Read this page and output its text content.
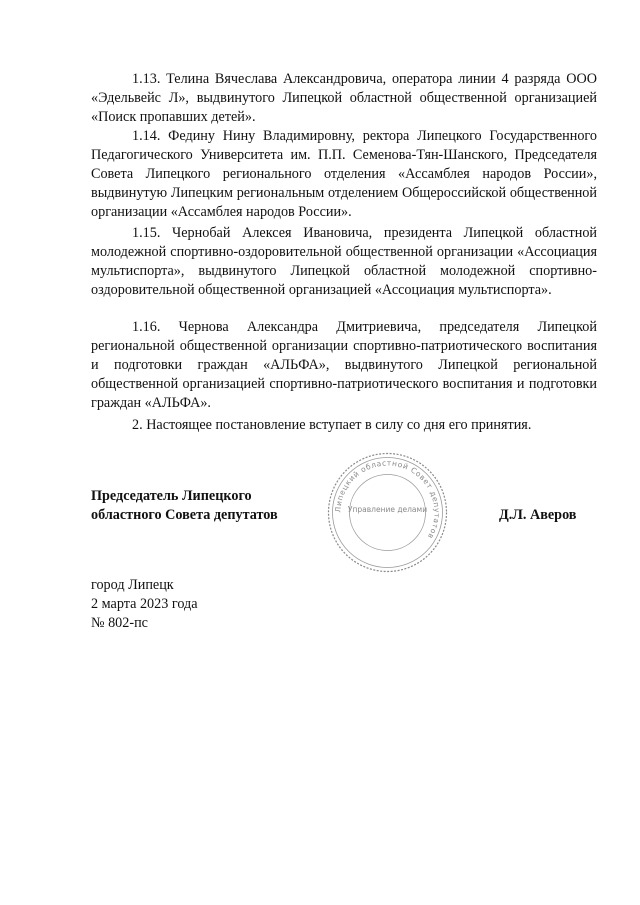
1.13. Телина Вячеслава Александровича, оператора линии 4 разряда ООО «Эдельвейс Л», выдвинутого Липецкой областной общественной организацией «Поиск пропавших детей».

1.14. Федину Нину Владимировну, ректора Липецкого Государственного Педагогического Университета им. П.П. Семенова-Тян-Шанского, Председателя Совета Липецкого регионального отделения «Ассамблея народов России», выдвинутую Липецким региональным отделением Общероссийской общественной организации «Ассамблея народов России».

1.15. Чернобай Алексея Ивановича, президента Липецкой областной молодежной спортивно-оздоровительной общественной организации «Ассоциация мультиспорта», выдвинутого Липецкой областной молодежной спортивно-оздоровительной общественной организацией «Ассоциация мультиспорта».

1.16. Чернова Александра Дмитриевича, председателя Липецкой региональной общественной организации спортивно-патриотического воспитания и подготовки граждан «АЛЬФА», выдвинутого Липецкой региональной общественной организацией спортивно-патриотического воспитания и подготовки граждан «АЛЬФА».

2. Настоящее постановление вступает в силу со дня его принятия.

Председатель Липецкого
областного Совета депутатов	Д.Л. Аверов
Липецкий областной Совет депутатов
Управление делами
город Липецк
2 марта 2023 года
№ 802-пс
